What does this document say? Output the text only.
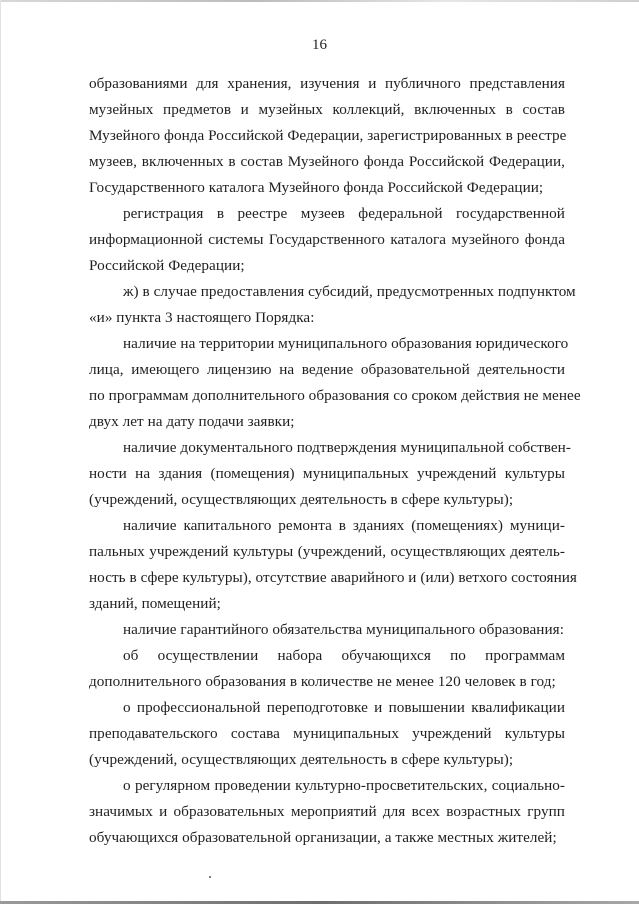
16

образованиями для хранения, изучения и публичного представления
музейных предметов и музейных коллекций, включенных в состав
Музейного фонда Российской Федерации, зарегистрированных в реестре
музеев, включенных в состав Музейного фонда Российской Федерации,
Государственного каталога Музейного фонда Российской Федерации;

регистрация в реестре музеев федеральной государственной
информационной системы Государственного каталога музейного фонда
Российской Федерации;

ж) в случае предоставления субсидий, предусмотренных подпунктом
«и» пункта 3 настоящего Порядка:

наличие на территории муниципального образования юридического
лица, имеющего лицензию на ведение образовательной деятельности
по программам дополнительного образования со сроком действия не менее
двух лет на дату подачи заявки;

наличие документального подтверждения муниципальной собствен-
ности на здания (помещения) муниципальных учреждений культуры
(учреждений, осуществляющих деятельность в сфере культуры);

наличие капитального ремонта в зданиях (помещениях) муници-
пальных учреждений культуры (учреждений, осуществляющих деятель-
ность в сфере культуры), отсутствие аварийного и (или) ветхого состояния
зданий, помещений;

наличие гарантийного обязательства муниципального образования:

об осуществлении набора обучающихся по программам
дополнительного образования в количестве не менее 120 человек в год;

о профессиональной переподготовке и повышении квалификации
преподавательского состава муниципальных учреждений культуры
(учреждений, осуществляющих деятельность в сфере культуры);

о регулярном проведении культурно-просветительских, социально-
значимых и образовательных мероприятий для всех возрастных групп
обучающихся образовательной организации, а также местных жителей;
